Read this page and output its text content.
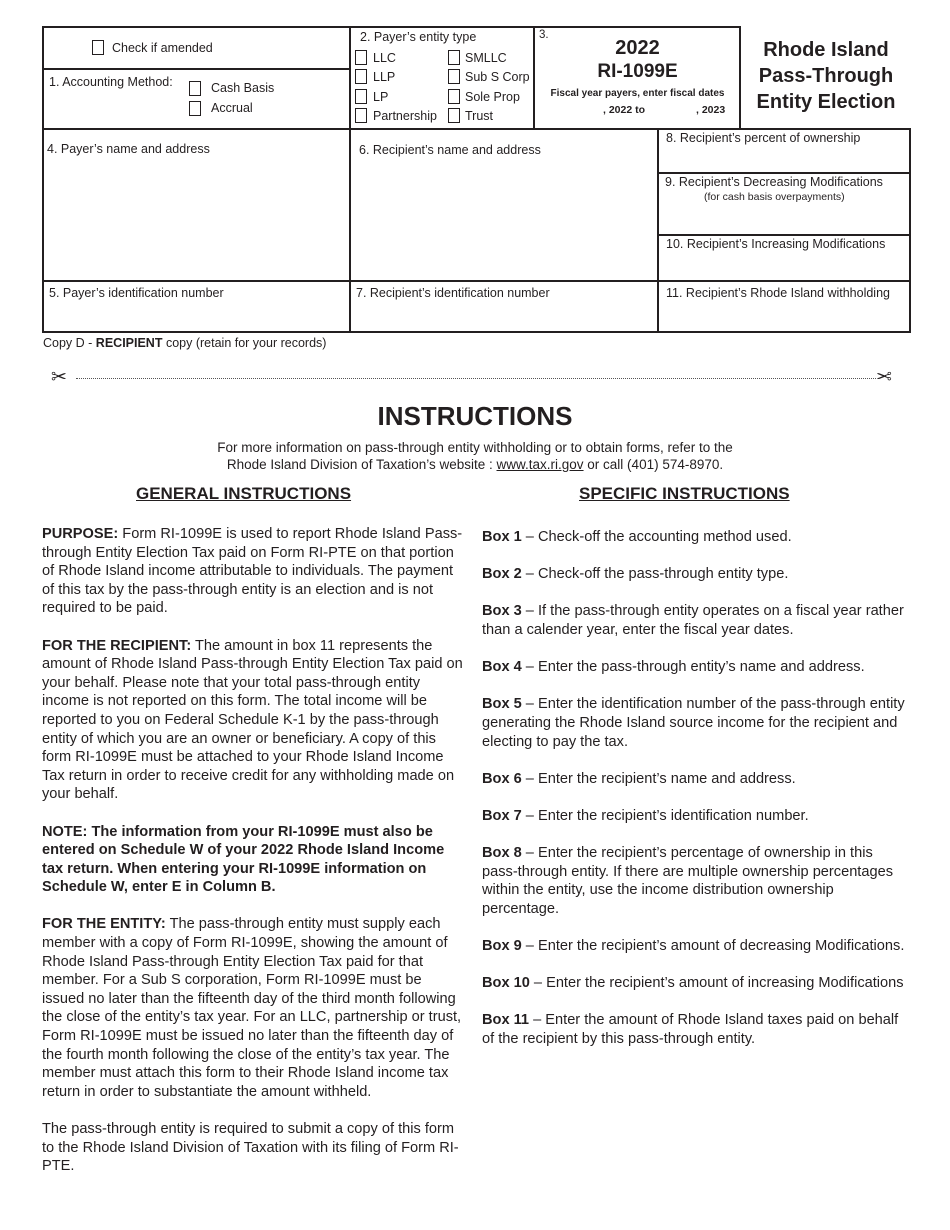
Check if amended
1. Accounting Method:	Cash Basis
Accrual
2. Payer’s entity type
LLC
LLP
LP
Partnership
SMLLC
Sub S Corp
Sole Prop
Trust
3.
2022
RI-1099E
Fiscal year payers, enter fiscal dates
, 2022 to	, 2023
Rhode Island
Pass-Through
Entity Election
4. Payer’s name and address
5. Payer’s identification number
6. Recipient’s name and address
7. Recipient’s identification number
8. Recipient’s percent of ownership
9. Recipient’s Decreasing Modifications
(for cash basis overpayments)
10. Recipient’s Increasing Modifications
11. Recipient’s Rhode Island withholding
Copy D - RECIPIENT copy (retain for your records)
✂	✂
INSTRUCTIONS
For more information on pass-through entity withholding or to obtain forms, refer to the
Rhode Island Division of Taxation’s website : www.tax.ri.gov or call (401) 574-8970.
GENERAL INSTRUCTIONS	SPECIFIC INSTRUCTIONS

PURPOSE: Form RI-1099E is used to report Rhode Island Pass-through Entity Election Tax paid on Form RI-PTE on that portion of Rhode Island income attributable to individuals. The payment of this tax by the pass-through entity is an election and is not required to be paid.

FOR THE RECIPIENT: The amount in box 11 represents the amount of Rhode Island Pass-through Entity Election Tax paid on your behalf. Please note that your total pass-through entity income is not reported on this form. The total income will be reported to you on Federal Schedule K-1 by the pass-through entity of which you are an owner or beneficiary. A copy of this form RI-1099E must be attached to your Rhode Island Income Tax return in order to receive credit for any withholding made on your behalf.

NOTE: The information from your RI-1099E must also be entered on Schedule W of your 2022 Rhode Island Income tax return. When entering your RI-1099E information on Schedule W, enter E in Column B.

FOR THE ENTITY: The pass-through entity must supply each member with a copy of Form RI-1099E, showing the amount of Rhode Island Pass-through Entity Election Tax paid for that member. For a Sub S corporation, Form RI-1099E must be issued no later than the fifteenth day of the third month following the close of the entity’s tax year. For an LLC, partnership or trust, Form RI-1099E must be issued no later than the fifteenth day of the fourth month following the close of the entity’s tax year. The member must attach this form to their Rhode Island income tax return in order to substantiate the amount withheld.

The pass-through entity is required to submit a copy of this form to the Rhode Island Division of Taxation with its filing of Form RI-PTE.

Box 1 – Check-off the accounting method used.

Box 2 – Check-off the pass-through entity type.

Box 3 – If the pass-through entity operates on a fiscal year rather than a calender year, enter the fiscal year dates.

Box 4 – Enter the pass-through entity’s name and address.

Box 5 – Enter the identification number of the pass-through entity generating the Rhode Island source income for the recipient and electing to pay the tax.

Box 6 – Enter the recipient’s name and address.

Box 7 – Enter the recipient’s identification number.

Box 8 – Enter the recipient’s percentage of ownership in this pass-through entity. If there are multiple ownership percentages within the entity, use the income distribution ownership percentage.

Box 9 – Enter the recipient’s amount of decreasing Modifications.

Box 10 – Enter the recipient’s amount of increasing Modifications

Box 11 – Enter the amount of Rhode Island taxes paid on behalf of the recipient by this pass-through entity.
